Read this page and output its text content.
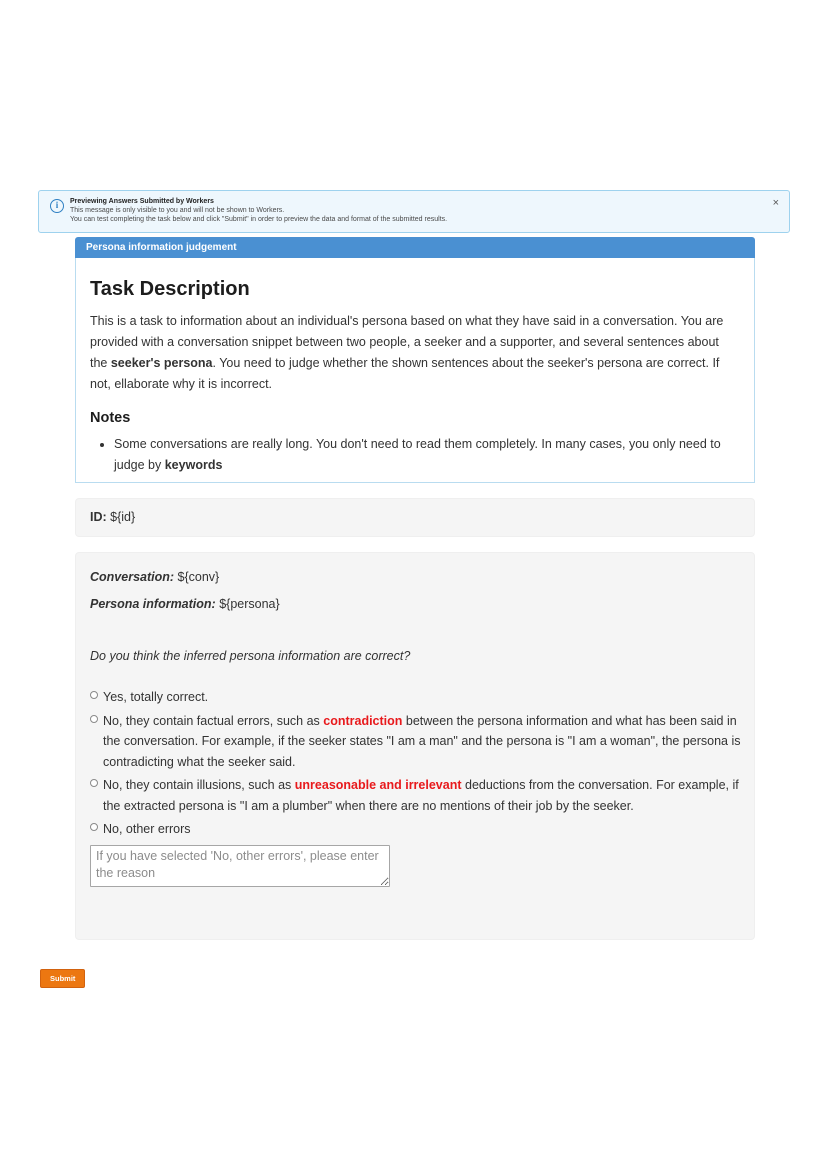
i	Previewing Answers Submitted by Workers
This message is only visible to you and will not be shown to Workers.
You can test completing the task below and click "Submit" in order to preview the data and format of the submitted results.
×
Persona information judgement
Task Description
This is a task to information about an individual's persona based on what they have said in a conversation. You are provided with a conversation snippet between two people, a seeker and a supporter, and several sentences about the seeker's persona. You need to judge whether the shown sentences about the seeker's persona are correct. If not, ellaborate why it is incorrect.
Notes
• Some conversations are really long. You don't need to read them completely. In many cases, you only need to judge by keywords
ID: ${id}
Conversation: ${conv}
Persona information: ${persona}
Do you think the inferred persona information are correct?
Yes, totally correct.
No, they contain factual errors, such as contradiction between the persona information and what has been said in the conversation. For example, if the seeker states "I am a man" and the persona is "I am a woman", the persona is contradicting what the seeker said.
No, they contain illusions, such as unreasonable and irrelevant deductions from the conversation. For example, if the extracted persona is "I am a plumber" when there are no mentions of their job by the seeker.
No, other errors
If you have selected 'No, other errors', please enter the reason
Submit
